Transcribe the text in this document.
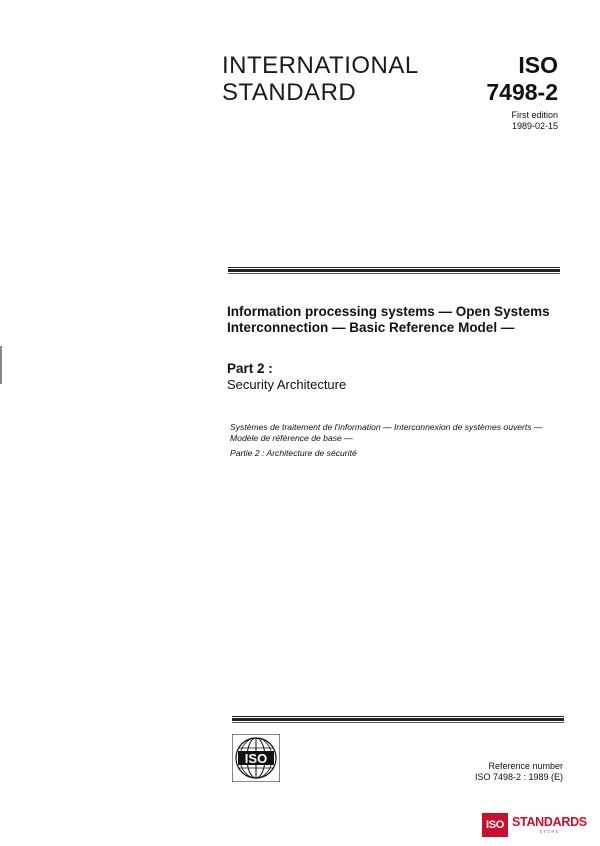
INTERNATIONAL
STANDARD
ISO
7498-2
First edition
1989-02-15
Information processing systems — Open Systems Interconnection — Basic Reference Model —
Part 2 :
Security Architecture
Systèmes de traitement de l'information — Interconnexion de systèmes ouverts — Modèle de référence de base —
Partie 2 : Architecture de sécurité
ISO	Reference number
ISO 7498-2 : 1989 (E)
ISO STANDARDS
STORE
